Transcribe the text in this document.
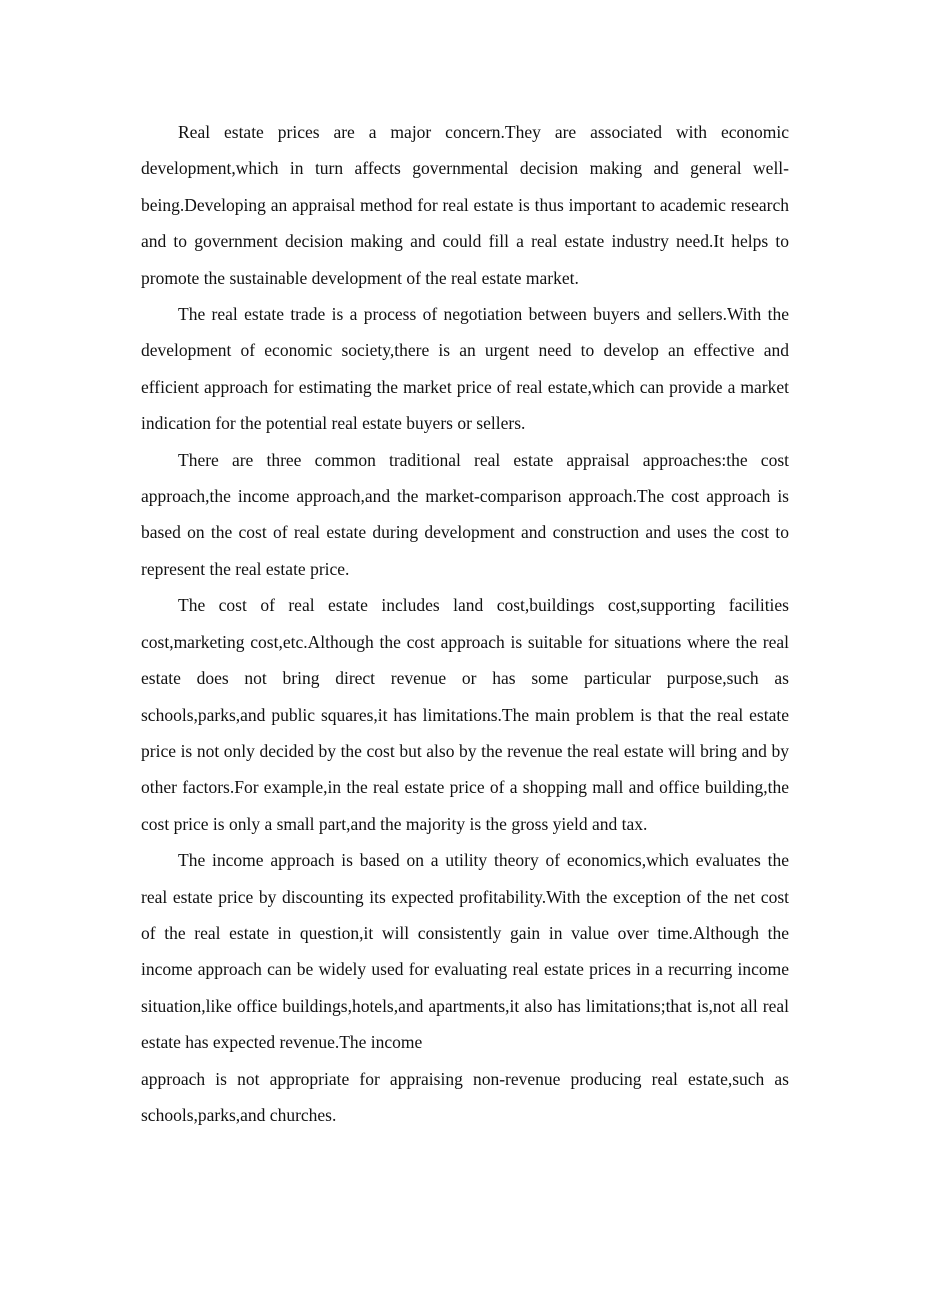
Real estate prices are a major concern.They are associated with economic development,which in turn affects governmental decision making and general well-being.Developing an appraisal method for real estate is thus important to academic research and to government decision making and could fill a real estate industry need.It helps to promote the sustainable development of the real estate market.

The real estate trade is a process of negotiation between buyers and sellers.With the development of economic society,there is an urgent need to develop an effective and efficient approach for estimating the market price of real estate,which can provide a market indication for the potential real estate buyers or sellers.

There are three common traditional real estate appraisal approaches:the cost approach,the income approach,and the market-comparison approach.The cost approach is based on the cost of real estate during development and construction and uses the cost to represent the real estate price.

The cost of real estate includes land cost,buildings cost,supporting facilities cost,marketing cost,etc.Although the cost approach is suitable for situations where the real estate does not bring direct revenue or has some particular purpose,such as schools,parks,and public squares,it has limitations.The main problem is that the real estate price is not only decided by the cost but also by the revenue the real estate will bring and by other factors.For example,in the real estate price of a shopping mall and office building,the cost price is only a small part,and the majority is the gross yield and tax.

The income approach is based on a utility theory of economics,which evaluates the real estate price by discounting its expected profitability.With the exception of the net cost of the real estate in question,it will consistently gain in value over time.Although the income approach can be widely used for evaluating real estate prices in a recurring income situation,like office buildings,hotels,and apartments,it also has limitations;that is,not all real estate has expected revenue.The income

approach is not appropriate for appraising non-revenue producing real estate,such as schools,parks,and churches.
